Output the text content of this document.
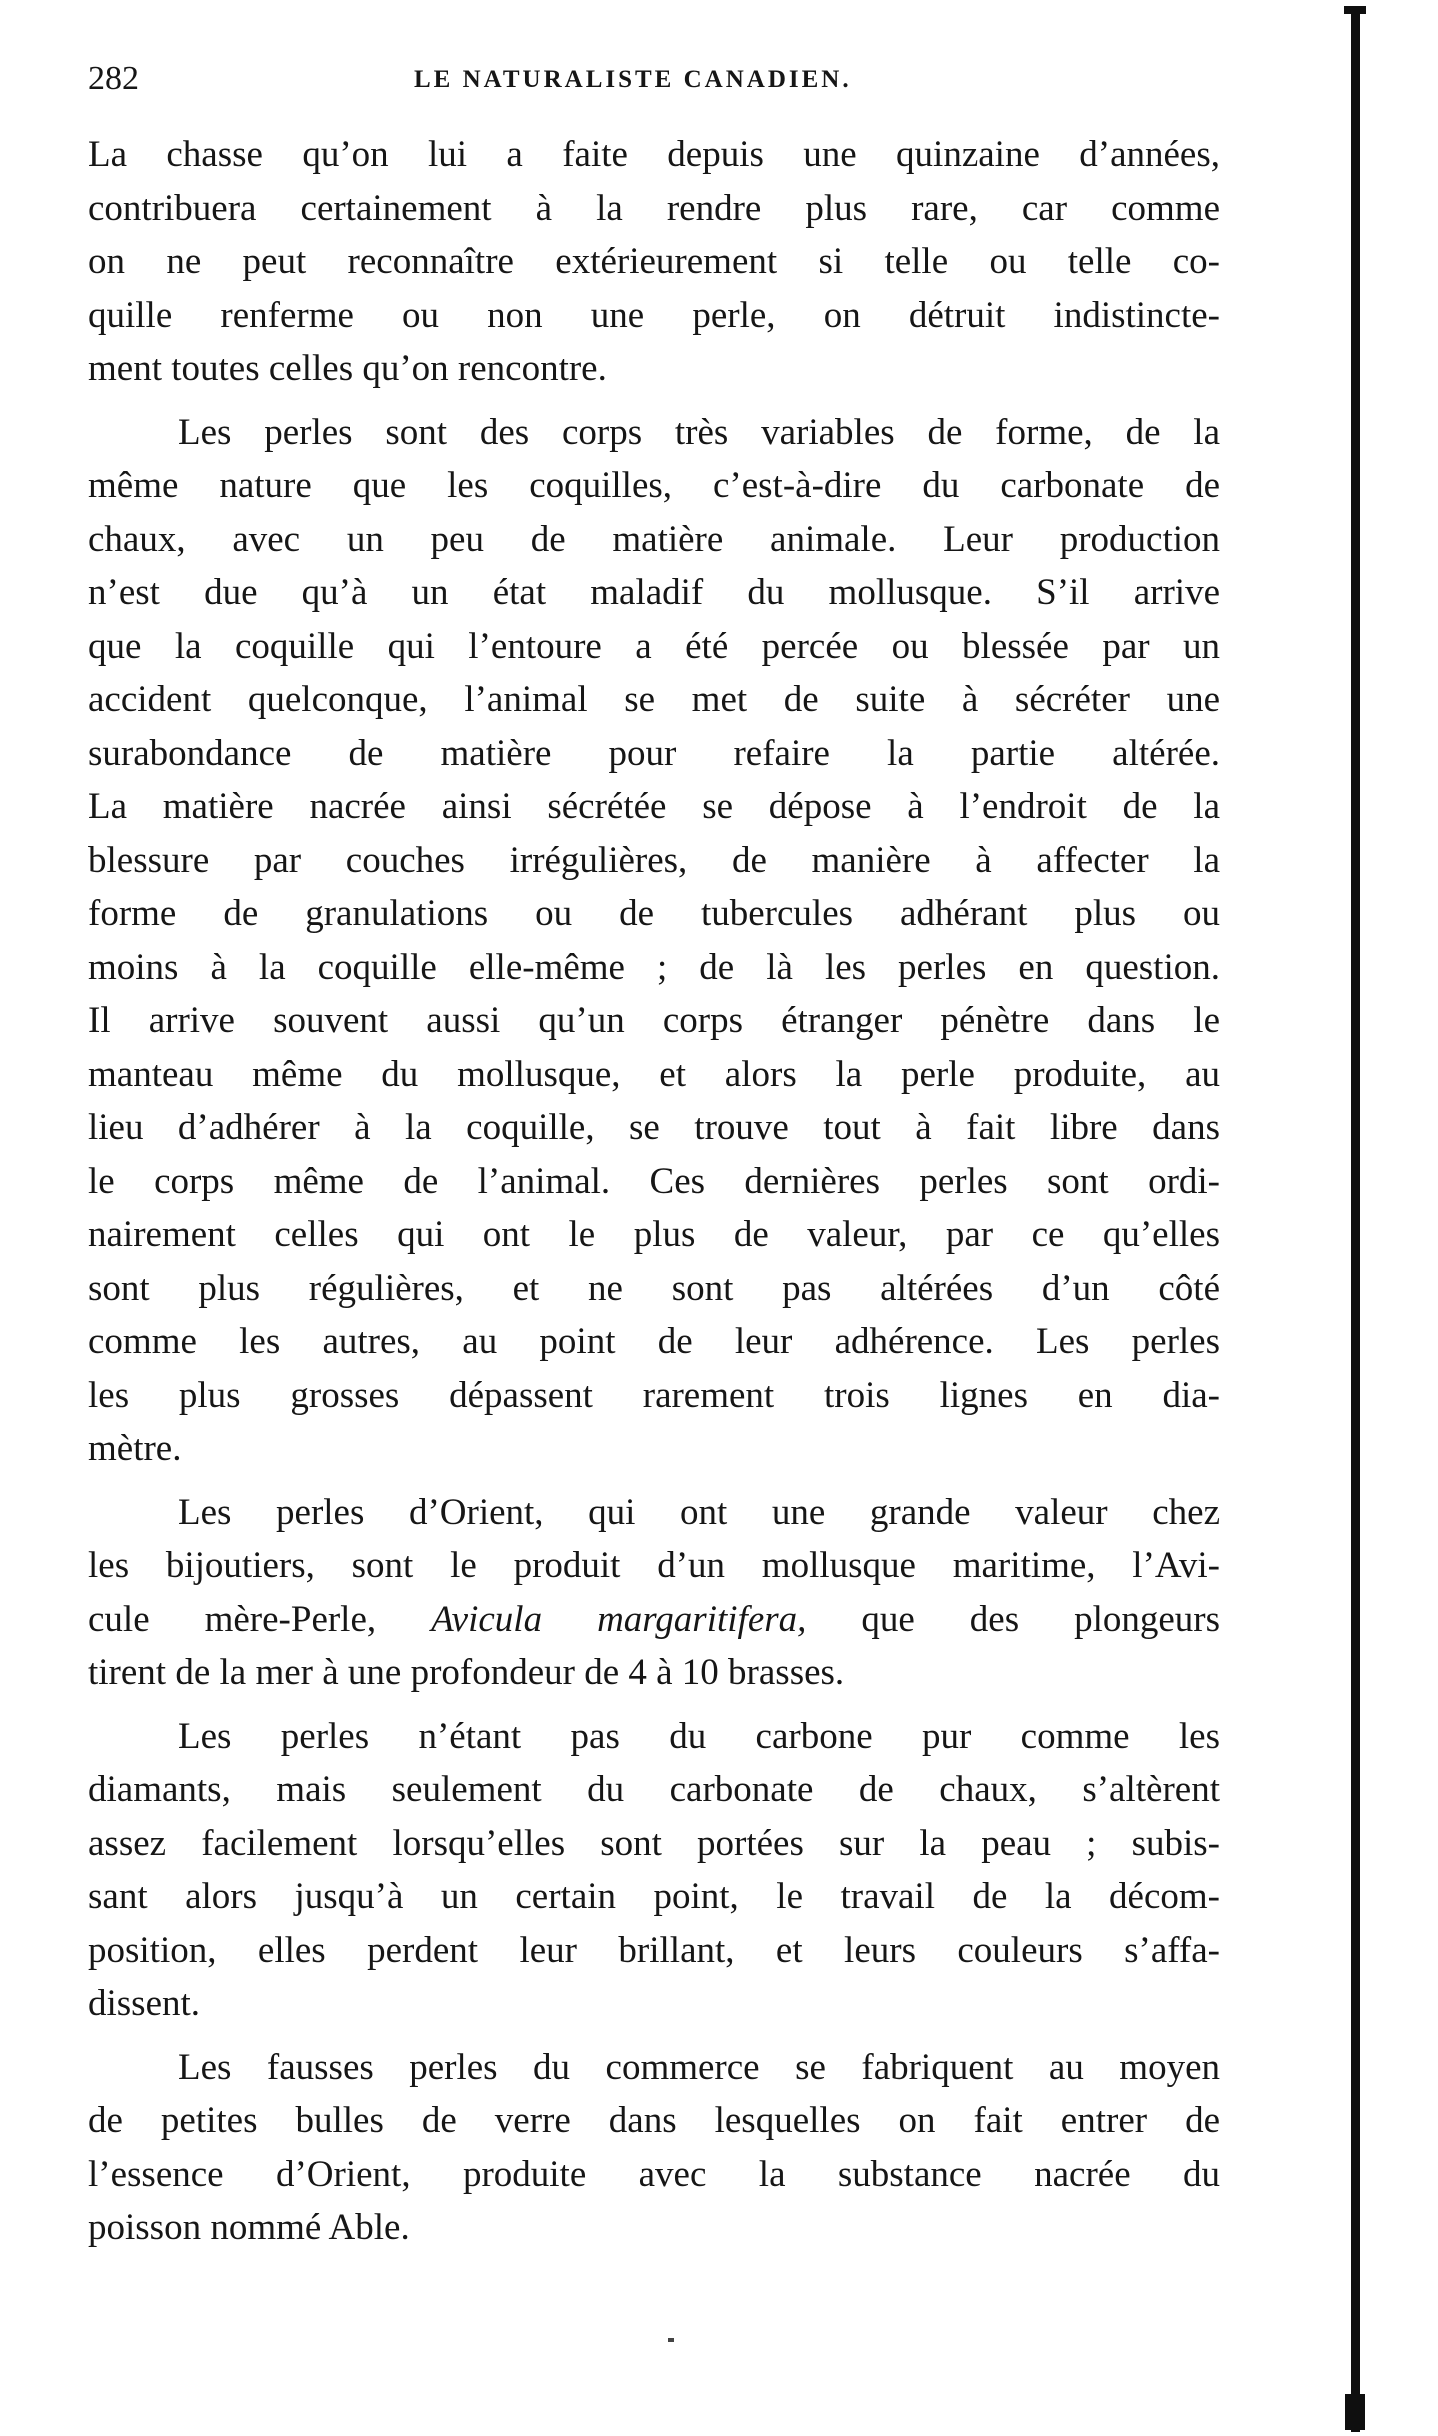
282	LE NATURALISTE CANADIEN.

La chasse qu’on lui a faite depuis une quinzaine d’années,
contribuera certainement à la rendre plus rare, car comme
on ne peut reconnaître extérieurement si telle ou telle co-
quille renferme ou non une perle, on détruit indistincte-
ment toutes celles qu’on rencontre.

Les perles sont des corps très variables de forme, de la
même nature que les coquilles, c’est-à-dire du carbonate de
chaux, avec un peu de matière animale. Leur production
n’est due qu’à un état maladif du mollusque. S’il arrive
que la coquille qui l’entoure a été percée ou blessée par un
accident quelconque, l’animal se met de suite à sécréter une
surabondance de matière pour refaire la partie altérée.
La matière nacrée ainsi sécrétée se dépose à l’endroit de la
blessure par couches irrégulières, de manière à affecter la
forme de granulations ou de tubercules adhérant plus ou
moins à la coquille elle-même ; de là les perles en question.
Il arrive souvent aussi qu’un corps étranger pénètre dans le
manteau même du mollusque, et alors la perle produite, au
lieu d’adhérer à la coquille, se trouve tout à fait libre dans
le corps même de l’animal. Ces dernières perles sont ordi-
nairement celles qui ont le plus de valeur, par ce qu’elles
sont plus régulières, et ne sont pas altérées d’un côté
comme les autres, au point de leur adhérence. Les perles
les plus grosses dépassent rarement trois lignes en dia-
mètre.

Les perles d’Orient, qui ont une grande valeur chez
les bijoutiers, sont le produit d’un mollusque maritime, l’Avi-
cule mère-Perle, Avicula margaritifera, que des plongeurs
tirent de la mer à une profondeur de 4 à 10 brasses.

Les perles n’étant pas du carbone pur comme les
diamants, mais seulement du carbonate de chaux, s’altèrent
assez facilement lorsqu’elles sont portées sur la peau ; subis-
sant alors jusqu’à un certain point, le travail de la décom-
position, elles perdent leur brillant, et leurs couleurs s’affa-
dissent.

Les fausses perles du commerce se fabriquent au moyen
de petites bulles de verre dans lesquelles on fait entrer de
l’essence d’Orient, produite avec la substance nacrée du
poisson nommé Able.
